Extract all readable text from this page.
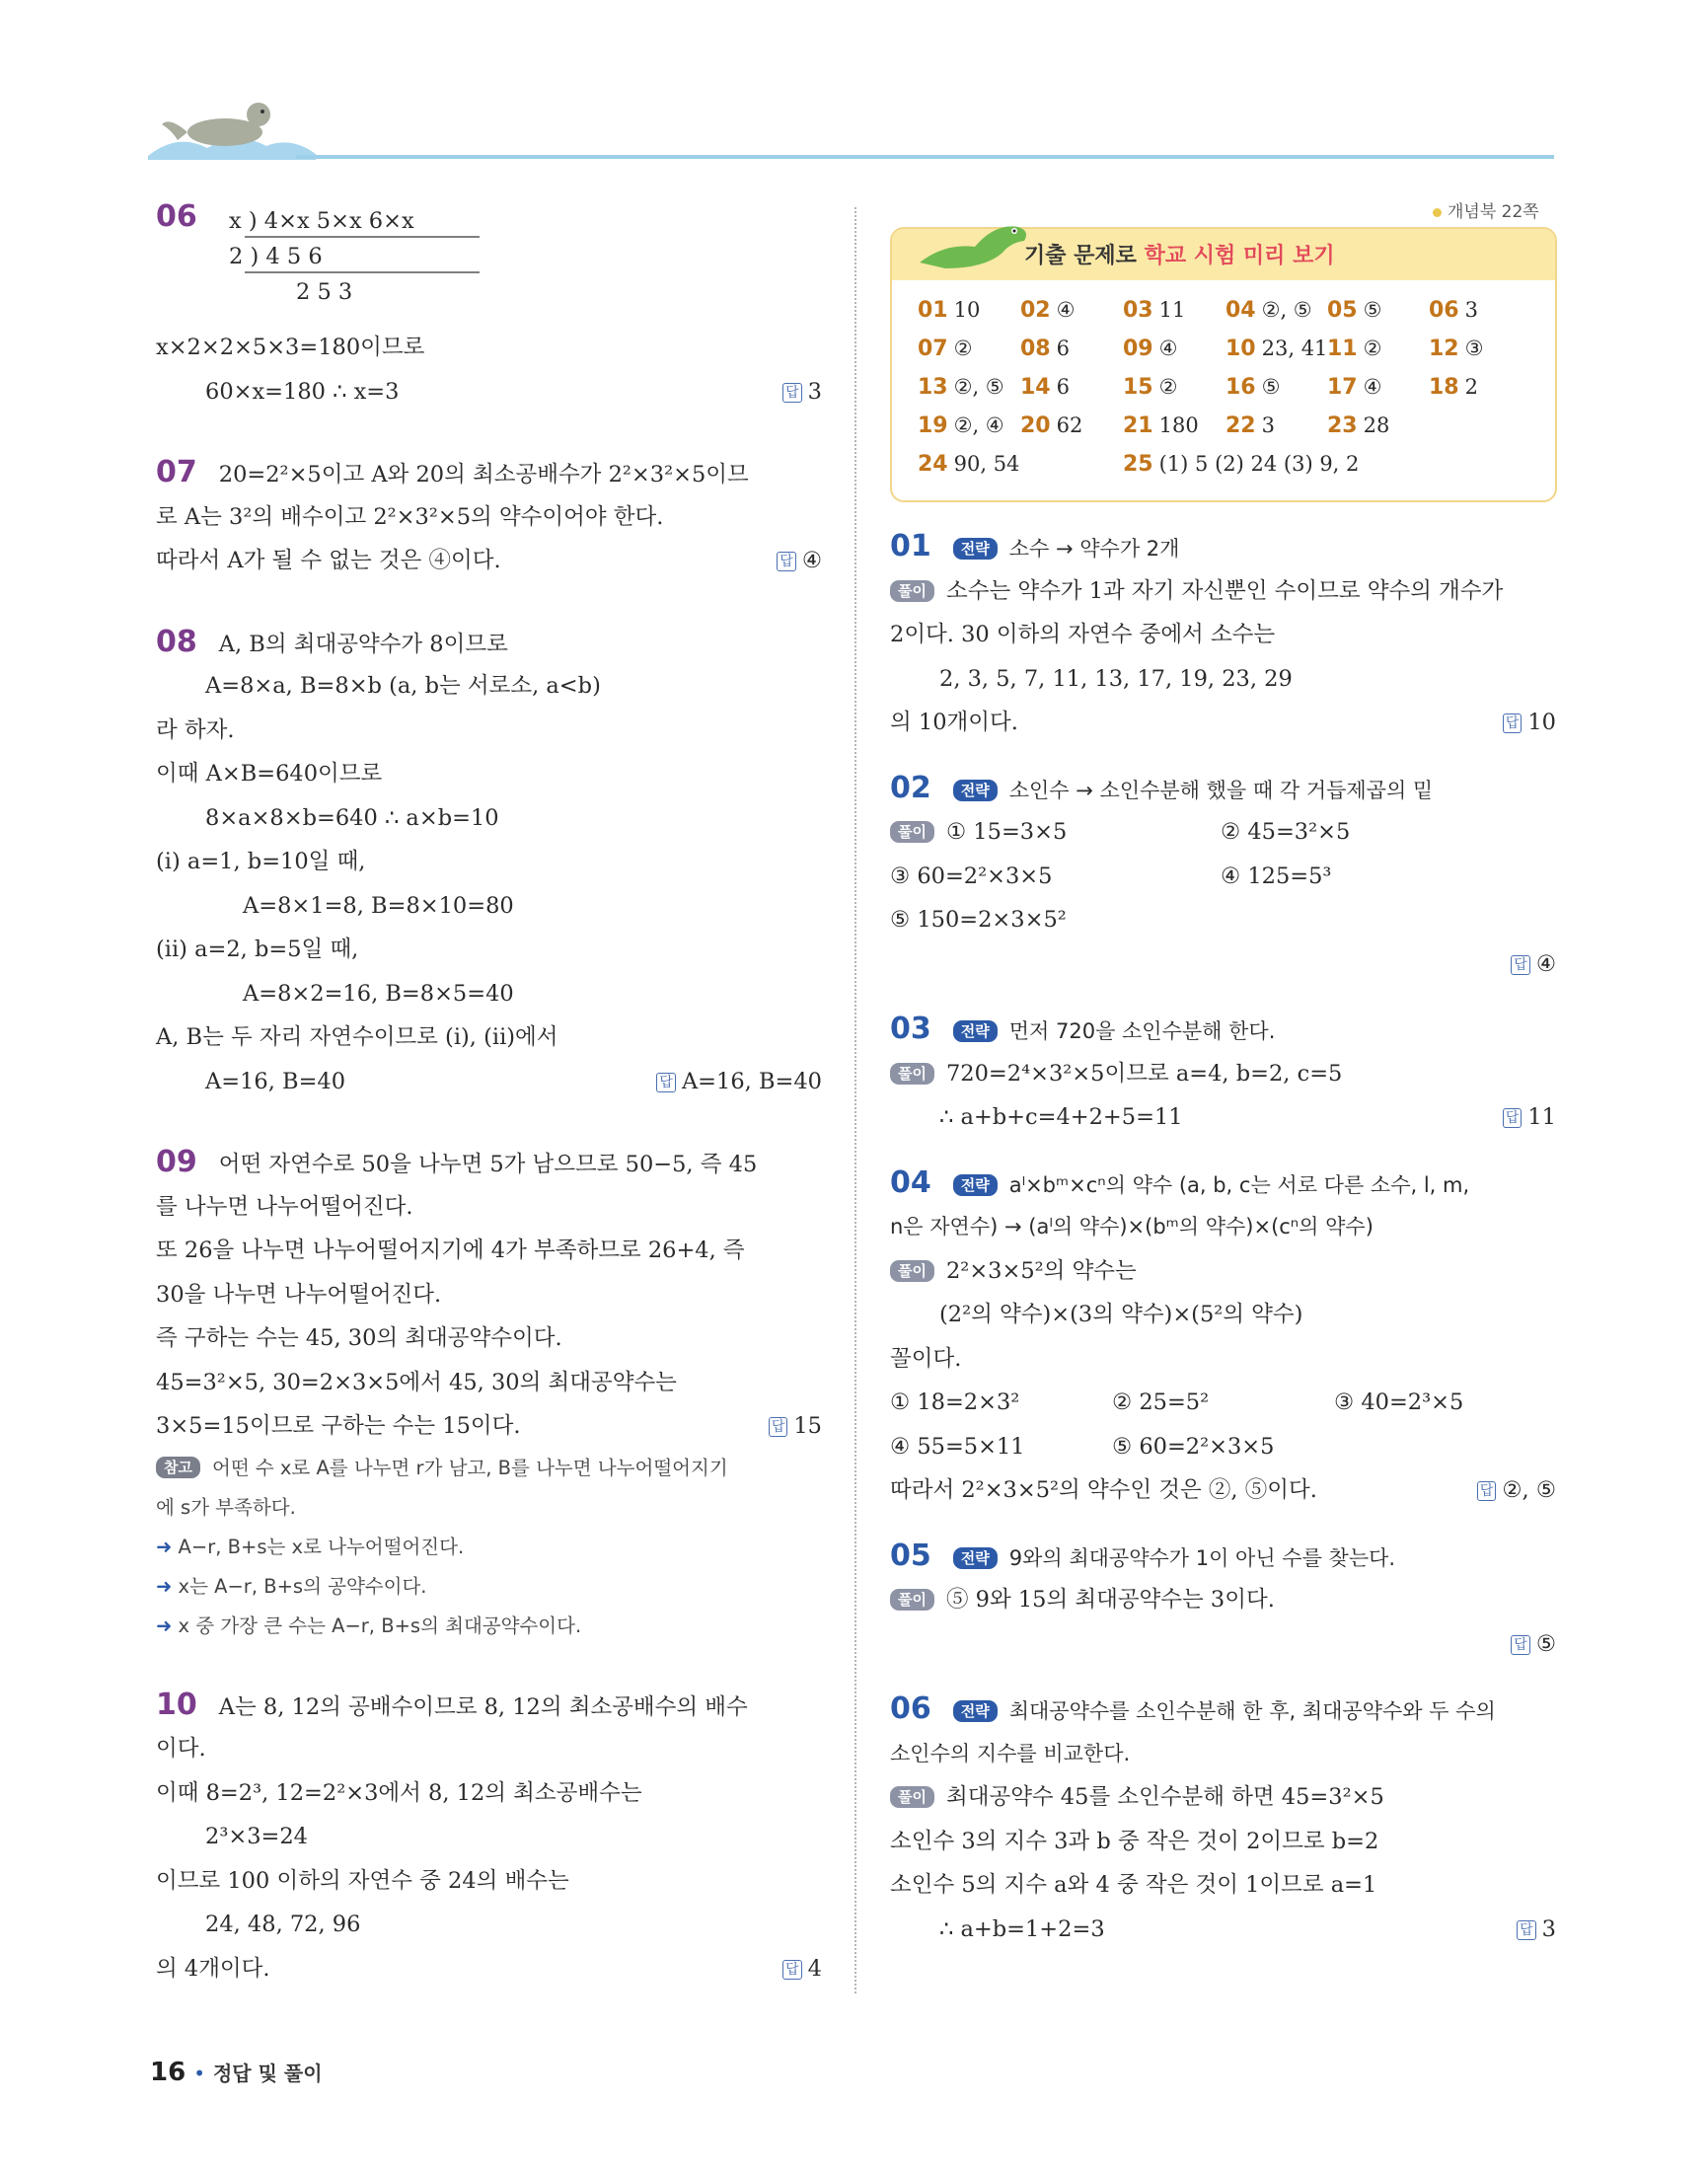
06 x ) 4×x 5×x 6×x
2 ) 4 5 6
2 5 3
x×2×2×5×3=180이므로
60×x=180 ∴ x=3	답 3
07 20=2²×5이고 A와 20의 최소공배수가 2²×3²×5이므
로 A는 3²의 배수이고 2²×3²×5의 약수이어야 한다.
따라서 A가 될 수 없는 것은 ④이다.	답 ④
08 A, B의 최대공약수가 8이므로
A=8×a, B=8×b (a, b는 서로소, a<b)
라 하자.
이때 A×B=640이므로
8×a×8×b=640 ∴ a×b=10
(i) a=1, b=10일 때,
A=8×1=8, B=8×10=80
(ii) a=2, b=5일 때,
A=8×2=16, B=8×5=40
A, B는 두 자리 자연수이므로 (i), (ii)에서
A=16, B=40	답 A=16, B=40
09 어떤 자연수로 50을 나누면 5가 남으므로 50−5, 즉 45
를 나누면 나누어떨어진다.
또 26을 나누면 나누어떨어지기에 4가 부족하므로 26+4, 즉
30을 나누면 나누어떨어진다.
즉 구하는 수는 45, 30의 최대공약수이다.
45=3²×5, 30=2×3×5에서 45, 30의 최대공약수는
3×5=15이므로 구하는 수는 15이다.	답 15
참고 어떤 수 x로 A를 나누면 r가 남고, B를 나누면 나누어떨어지기
에 s가 부족하다.
➜ A−r, B+s는 x로 나누어떨어진다.
➜ x는 A−r, B+s의 공약수이다.
➜ x 중 가장 큰 수는 A−r, B+s의 최대공약수이다.
10 A는 8, 12의 공배수이므로 8, 12의 최소공배수의 배수
이다.
이때 8=2³, 12=2²×3에서 8, 12의 최소공배수는
2³×3=24
이므로 100 이하의 자연수 중 24의 배수는
24, 48, 72, 96
의 4개이다.	답 4
개념북 22쪽
기출 문제로 학교 시험 미리 보기
01 10 02 ④ 03 11 04 ②, ⑤ 05 ⑤ 06 3
07 ② 08 6 09 ④ 10 23, 41 11 ② 12 ③
13 ②, ⑤ 14 6 15 ② 16 ⑤ 17 ④ 18 2
19 ②, ④ 20 62 21 180 22 3 23 28
24 90, 54	25 (1) 5 (2) 24 (3) 9, 2
01 전략 소수 → 약수가 2개
풀이 소수는 약수가 1과 자기 자신뿐인 수이므로 약수의 개수가
2이다. 30 이하의 자연수 중에서 소수는
2, 3, 5, 7, 11, 13, 17, 19, 23, 29
의 10개이다.	답 10
02 전략 소인수 → 소인수분해 했을 때 각 거듭제곱의 밑
풀이 ① 15=3×5	② 45=3²×5
③ 60=2²×3×5	④ 125=5³
⑤ 150=2×3×5²
답 ④
03 전략 먼저 720을 소인수분해 한다.
풀이 720=2⁴×3²×5이므로 a=4, b=2, c=5
∴ a+b+c=4+2+5=11	답 11
04 전략 aˡ×bᵐ×cⁿ의 약수 (a, b, c는 서로 다른 소수, l, m,
n은 자연수) → (aˡ의 약수)×(bᵐ의 약수)×(cⁿ의 약수)
풀이 2²×3×5²의 약수는
(2²의 약수)×(3의 약수)×(5²의 약수)
꼴이다.
① 18=2×3²	② 25=5²	③ 40=2³×5
④ 55=5×11	⑤ 60=2²×3×5
따라서 2²×3×5²의 약수인 것은 ②, ⑤이다.	답 ②, ⑤
05 전략 9와의 최대공약수가 1이 아닌 수를 찾는다.
풀이 ⑤ 9와 15의 최대공약수는 3이다.
답 ⑤
06 전략 최대공약수를 소인수분해 한 후, 최대공약수와 두 수의
소인수의 지수를 비교한다.
풀이 최대공약수 45를 소인수분해 하면 45=3²×5
소인수 3의 지수 3과 b 중 작은 것이 2이므로 b=2
소인수 5의 지수 a와 4 중 작은 것이 1이므로 a=1
∴ a+b=1+2=3	답 3
16 • 정답 및 풀이
